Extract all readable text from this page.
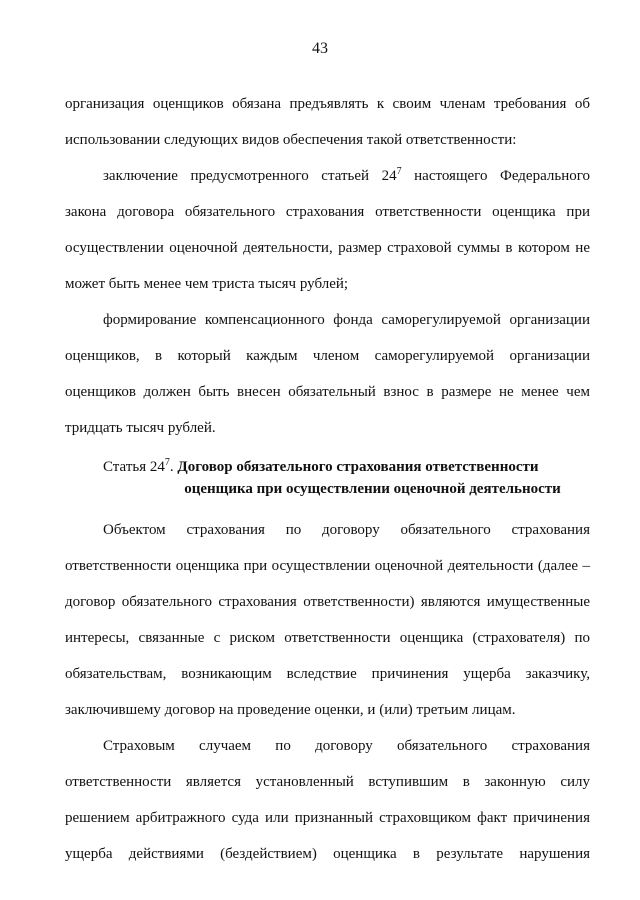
43

организация оценщиков обязана предъявлять к своим членам требования об использовании следующих видов обеспечения такой ответственности:

заключение предусмотренного статьей $24^7$ настоящего Федерального закона договора обязательного страхования ответственности оценщика при осуществлении оценочной деятельности, размер страховой суммы в котором не может быть менее чем триста тысяч рублей;

формирование компенсационного фонда саморегулируемой организации оценщиков, в который каждым членом саморегулируемой организации оценщиков должен быть внесен обязательный взнос в размере не менее чем тридцать тысяч рублей.

Статья $24^7$. Договор обязательного страхования ответственности
оценщика при осуществлении оценочной деятельности

Объектом страхования по договору обязательного страхования ответственности оценщика при осуществлении оценочной деятельности (далее – договор обязательного страхования ответственности) являются имущественные интересы, связанные с риском ответственности оценщика (страхователя) по обязательствам, возникающим вследствие причинения ущерба заказчику, заключившему договор на проведение оценки, и (или) третьим лицам.

Страховым случаем по договору обязательного страхования ответственности является установленный вступившим в законную силу решением арбитражного суда или признанный страховщиком факт причинения ущерба действиями (бездействием) оценщика в результате нарушения
